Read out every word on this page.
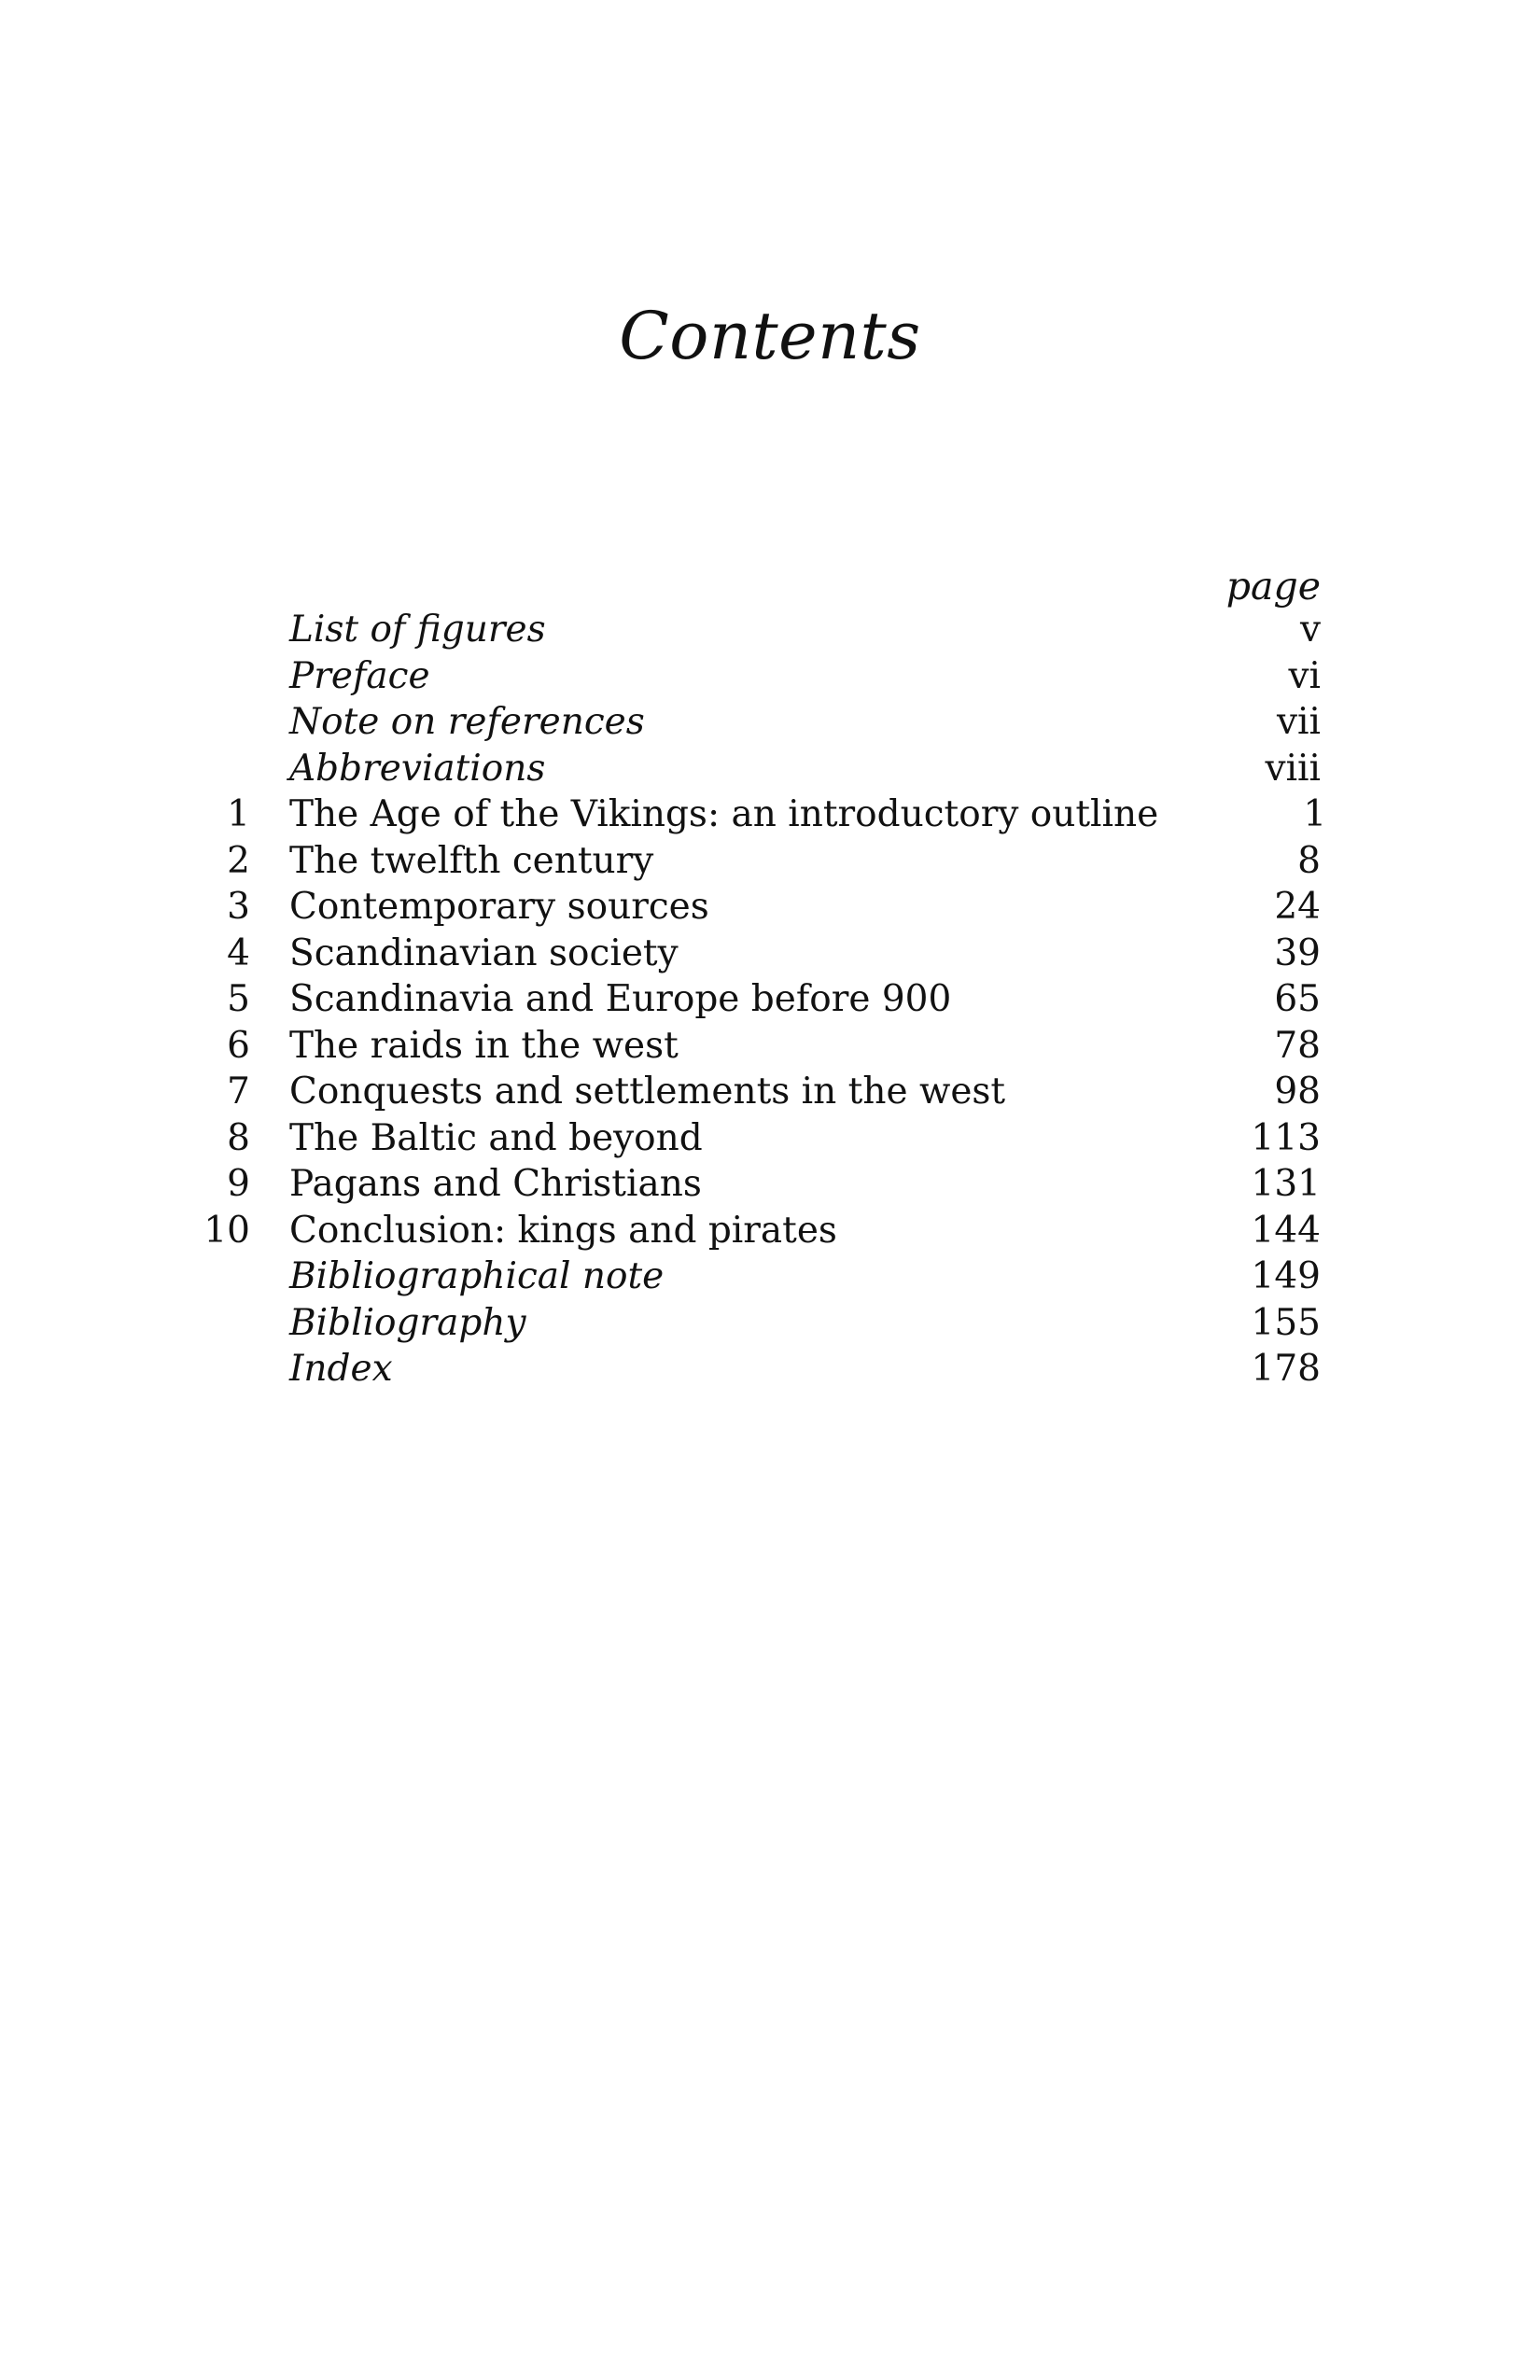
Contents
page
List of figures	v
Preface	vi
Note on references	vii
Abbreviations	viii
1	The Age of the Vikings: an introductory outline	1
2	The twelfth century	8
3	Contemporary sources	24
4	Scandinavian society	39
5	Scandinavia and Europe before 900	65
6	The raids in the west	78
7	Conquests and settlements in the west	98
8	The Baltic and beyond	113
9	Pagans and Christians	131
10	Conclusion: kings and pirates	144
Bibliographical note	149
Bibliography	155
Index	178
